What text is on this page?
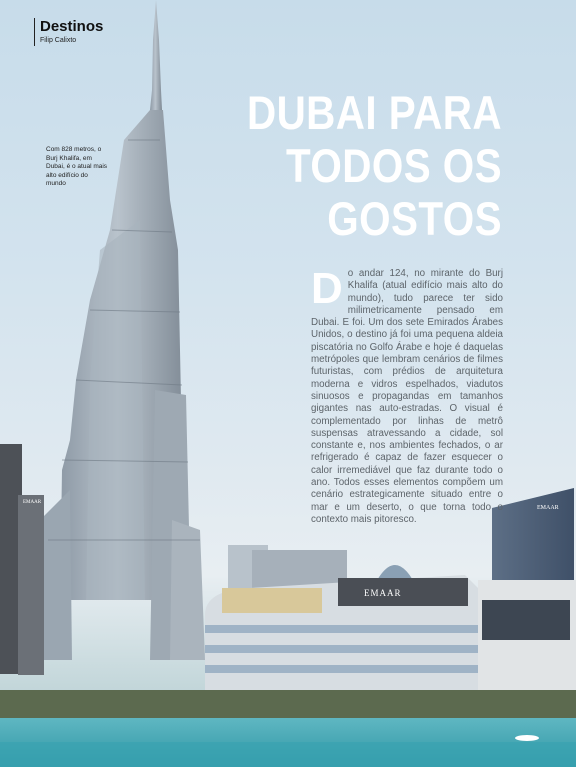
EMAAR
EMAAR
EMAAR
Destinos
Filip Calixto
DUBAI PARA
TODOS OS
GOSTOS
Com 828 metros, o Burj Khalifa, em Dubai, é o atual mais alto edifício do mundo
Do andar 124, no mirante do Burj Khalifa (atual edifício mais alto do mundo), tudo parece ter sido milimetricamente pensado em Dubai. E foi. Um dos sete Emirados Árabes Unidos, o destino já foi uma pequena aldeia piscatória no Golfo Árabe e hoje é daquelas metrópoles que lembram cenários de filmes futuristas, com prédios de arquitetura moderna e vidros espelhados, viadutos sinuosos e propagandas em tamanhos gigantes nas auto-estradas. O visual é complementado por linhas de metrô suspensas atravessando a cidade, sol constante e, nos ambientes fechados, o ar refrigerado é capaz de fazer esquecer o calor irremediável que faz durante todo o ano. Todos esses elementos compõem um cenário estrategicamente situado entre o mar e um deserto, o que torna todo o contexto mais pitoresco.
